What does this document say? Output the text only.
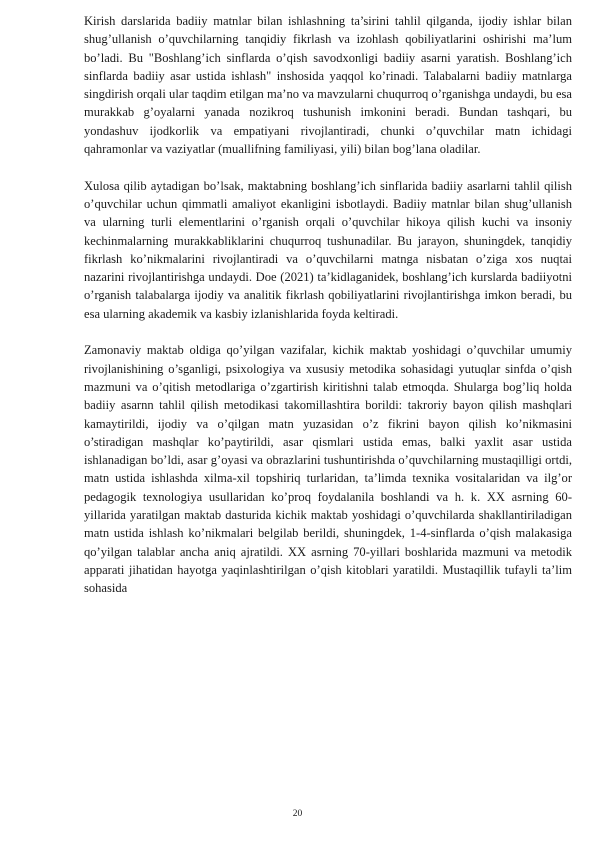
Kirish darslarida badiiy matnlar bilan ishlashning ta’sirini tahlil qilganda, ijodiy ishlar bilan shug’ullanish o’quvchilarning tanqidiy fikrlash va izohlash qobiliyatlarini oshirishi ma’lum bo’ladi. Bu "Boshlang’ich sinflarda o’qish savodxonligi badiiy asarni yaratish. Boshlang’ich sinflarda badiiy asar ustida ishlash" inshosida yaqqol ko’rinadi. Talabalarni badiiy matnlarga singdirish orqali ular taqdim etilgan ma’no va mavzularni chuqurroq o’rganishga undaydi, bu esa murakkab g’oyalarni yanada nozikroq tushunish imkonini beradi. Bundan tashqari, bu yondashuv ijodkorlik va empatiyani rivojlantiradi, chunki o’quvchilar matn ichidagi qahramonlar va vaziyatlar (muallifning familiyasi, yili) bilan bog’lana oladilar.

Xulosa qilib aytadigan bo’lsak, maktabning boshlang’ich sinflarida badiiy asarlarni tahlil qilish o’quvchilar uchun qimmatli amaliyot ekanligini isbotlaydi. Badiiy matnlar bilan shug’ullanish va ularning turli elementlarini o’rganish orqali o’quvchilar hikoya qilish kuchi va insoniy kechinmalarning murakkabliklarini chuqurroq tushunadilar. Bu jarayon, shuningdek, tanqidiy fikrlash ko’nikmalarini rivojlantiradi va o’quvchilarni matnga nisbatan o’ziga xos nuqtai nazarini rivojlantirishga undaydi. Doe (2021) ta’kidlaganidek, boshlang’ich kurslarda badiiyotni o’rganish talabalarga ijodiy va analitik fikrlash qobiliyatlarini rivojlantirishga imkon beradi, bu esa ularning akademik va kasbiy izlanishlarida foyda keltiradi.

Zamonaviy maktab oldiga qo’yilgan vazifalar, kichik maktab yoshidagi o’quvchilar umumiy rivojlanishining o’sganligi, psixologiya va xususiy metodika sohasidagi yutuqlar sinfda o’qish mazmuni va o’qitish metodlariga o’zgartirish kiritishni talab etmoqda. Shularga bog’liq holda badiiy asarnn tahlil qilish metodikasi takomillashtira borildi: takroriy bayon qilish mashqlari kamaytirildi, ijodiy va o’qilgan matn yuzasidan o’z fikrini bayon qilish ko’nikmasini o’stiradigan mashqlar ko’paytirildi, asar qismlari ustida emas, balki yaxlit asar ustida ishlanadigan bo’ldi, asar g’oyasi va obrazlarini tushuntirishda o’quvchilarning mustaqilligi ortdi, matn ustida ishlashda xilma-xil topshiriq turlaridan, ta’limda texnika vositalaridan va ilg’or pedagogik texnologiya usullaridan ko’proq foydalanila boshlandi va h. k. XX asrning 60-yillarida yaratilgan maktab dasturida kichik maktab yoshidagi o’quvchilarda shakllantiriladigan matn ustida ishlash ko’nikmalari belgilab berildi, shuningdek, 1-4-sinflarda o’qish malakasiga qo’yilgan talablar ancha aniq ajratildi. XX asrning 70-yillari boshlarida mazmuni va metodik apparati jihatidan hayotga yaqinlashtirilgan o’qish kitoblari yaratildi. Mustaqillik tufayli ta’lim sohasida

20
